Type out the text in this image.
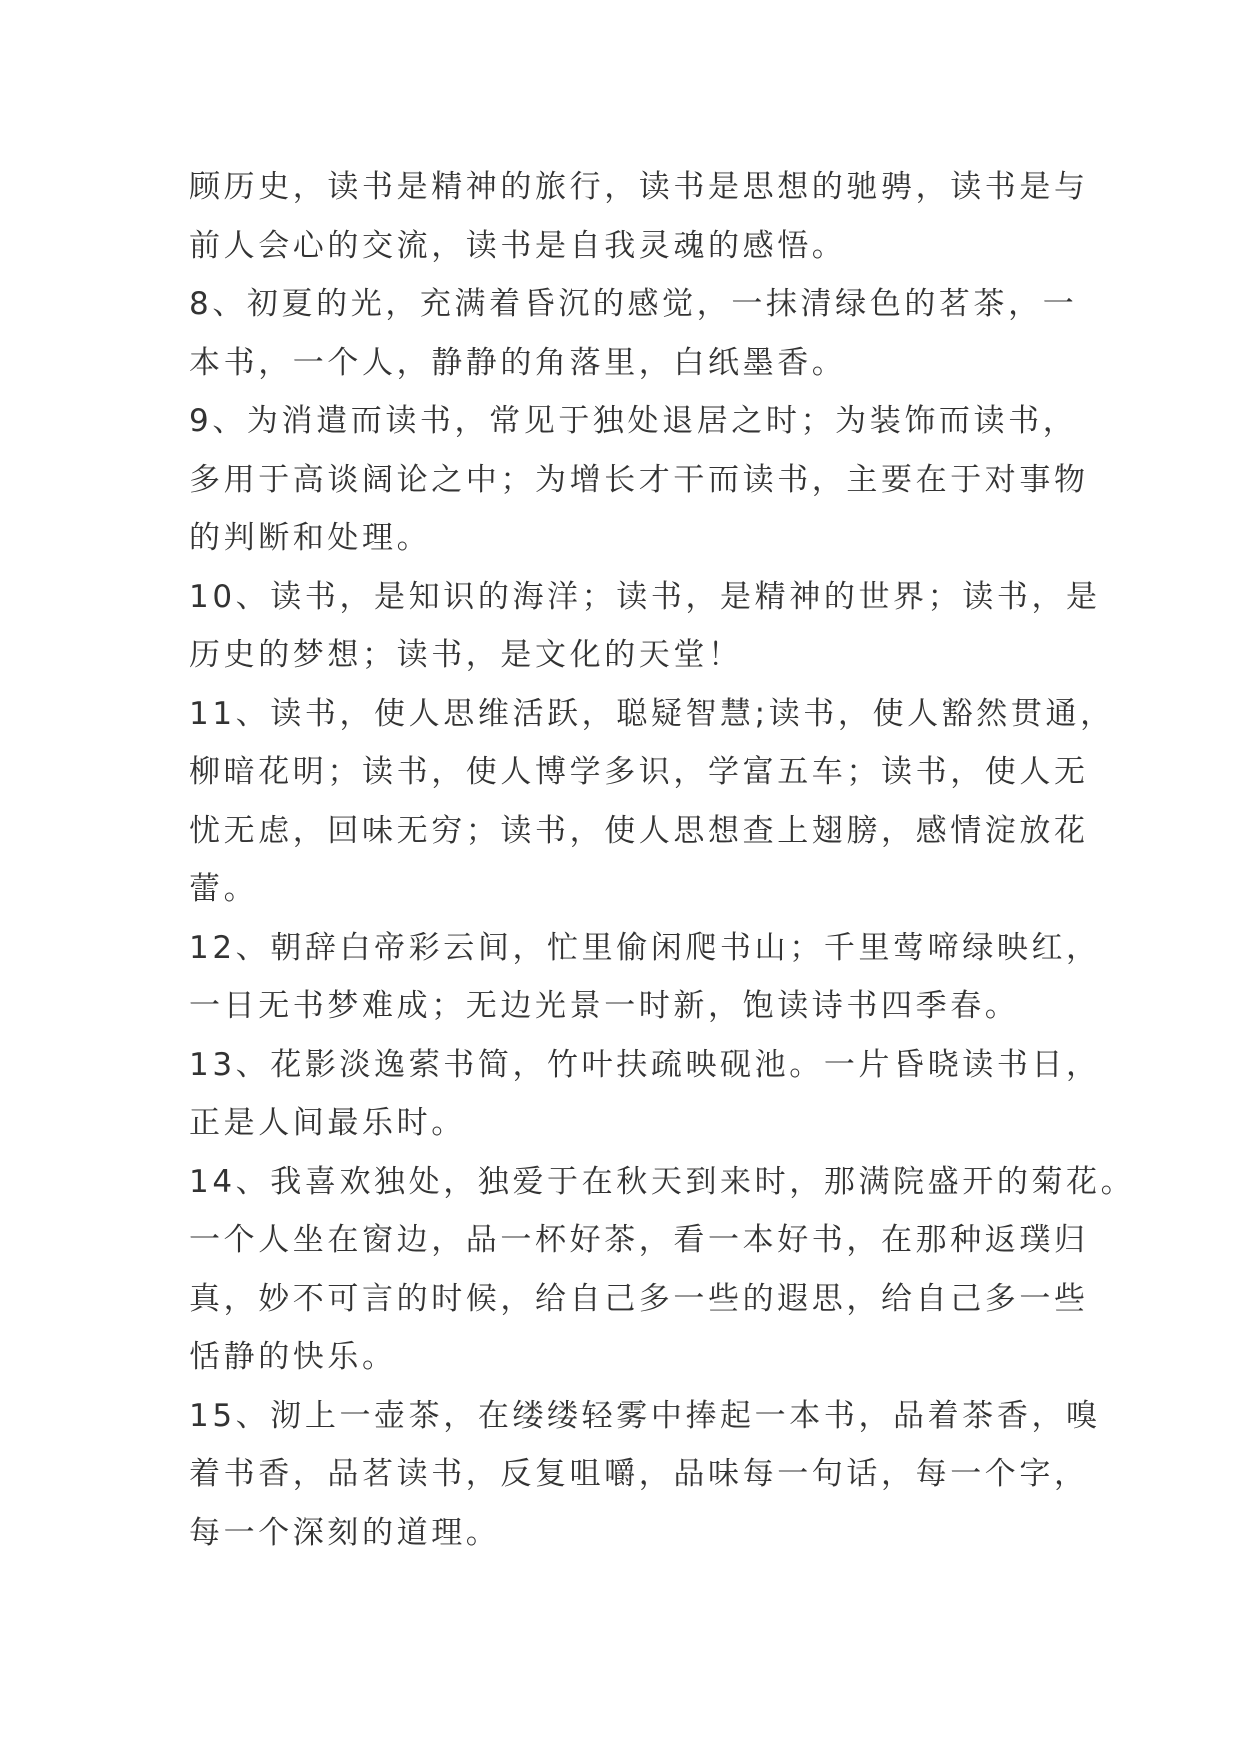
顾历史，读书是精神的旅行，读书是思想的驰骋，读书是与
前人会心的交流，读书是自我灵魂的感悟。
8、初夏的光，充满着昏沉的感觉，一抹清绿色的茗茶，一
本书，一个人，静静的角落里，白纸墨香。
9、为消遣而读书，常见于独处退居之时；为装饰而读书，
多用于高谈阔论之中；为增长才干而读书，主要在于对事物
的判断和处理。
10、读书，是知识的海洋；读书，是精神的世界；读书，是
历史的梦想；读书，是文化的天堂！
11、读书，使人思维活跃，聪疑智慧;读书，使人豁然贯通，
柳暗花明；读书，使人博学多识，学富五车；读书，使人无
忧无虑，回味无穷；读书，使人思想查上翅膀，感情淀放花
蕾。
12、朝辞白帝彩云间，忙里偷闲爬书山；千里莺啼绿映红，
一日无书梦难成；无边光景一时新，饱读诗书四季春。
13、花影淡逸萦书简，竹叶扶疏映砚池。一片昏晓读书日，
正是人间最乐时。
14、我喜欢独处，独爱于在秋天到来时，那满院盛开的菊花。
一个人坐在窗边，品一杯好茶，看一本好书，在那种返璞归
真，妙不可言的时候，给自己多一些的遐思，给自己多一些
恬静的快乐。
15、沏上一壶茶，在缕缕轻雾中捧起一本书，品着茶香，嗅
着书香，品茗读书，反复咀嚼，品味每一句话，每一个字，
每一个深刻的道理。
